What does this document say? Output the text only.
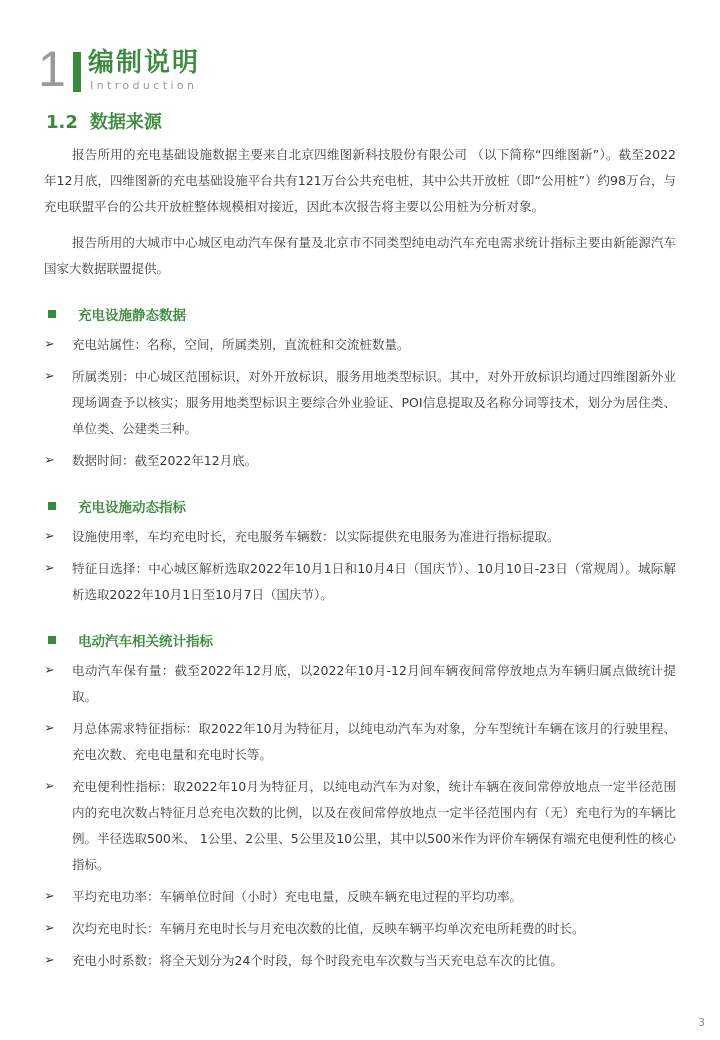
1 编制说明
Introduction
1.2 数据来源

报告所用的充电基础设施数据主要来自北京四维图新科技股份有限公司 （以下简称“四维图新”）。截至2022年12月底，四维图新的充电基础设施平台共有121万台公共充电桩，其中公共开放桩（即“公用桩”）约98万台，与充电联盟平台的公共开放桩整体规模相对接近，因此本次报告将主要以公用桩为分析对象。

报告所用的大城市中心城区电动汽车保有量及北京市不同类型纯电动汽车充电需求统计指标主要由新能源汽车国家大数据联盟提供。

充电设施静态数据
➢	充电站属性：名称，空间，所属类别，直流桩和交流桩数量。
➢	所属类别：中心城区范围标识，对外开放标识，服务用地类型标识。其中，对外开放标识均通过四维图新外业现场调查予以核实；服务用地类型标识主要综合外业验证、POI信息提取及名称分词等技术，划分为居住类、单位类、公建类三种。
➢	数据时间：截至2022年12月底。
充电设施动态指标
➢	设施使用率，车均充电时长，充电服务车辆数：以实际提供充电服务为准进行指标提取。
➢	特征日选择：中心城区解析选取2022年10月1日和10月4日（国庆节）、10月10日-23日（常规周）。城际解析选取2022年10月1日至10月7日（国庆节）。
电动汽车相关统计指标
➢	电动汽车保有量：截至2022年12月底，以2022年10月-12月间车辆夜间常停放地点为车辆归属点做统计提取。
➢	月总体需求特征指标：取2022年10月为特征月，以纯电动汽车为对象，分车型统计车辆在该月的行驶里程、充电次数、充电电量和充电时长等。
➢	充电便利性指标：取2022年10月为特征月，以纯电动汽车为对象，统计车辆在夜间常停放地点一定半径范围内的充电次数占特征月总充电次数的比例，以及在夜间常停放地点一定半径范围内有（无）充电行为的车辆比例。半径选取500米、 1公里、2公里、5公里及10公里，其中以500米作为评价车辆保有端充电便利性的核心指标。
➢	平均充电功率：车辆单位时间（小时）充电电量，反映车辆充电过程的平均功率。
➢	次均充电时长：车辆月充电时长与月充电次数的比值，反映车辆平均单次充电所耗费的时长。
➢	充电小时系数：将全天划分为24个时段，每个时段充电车次数与当天充电总车次的比值。
3
